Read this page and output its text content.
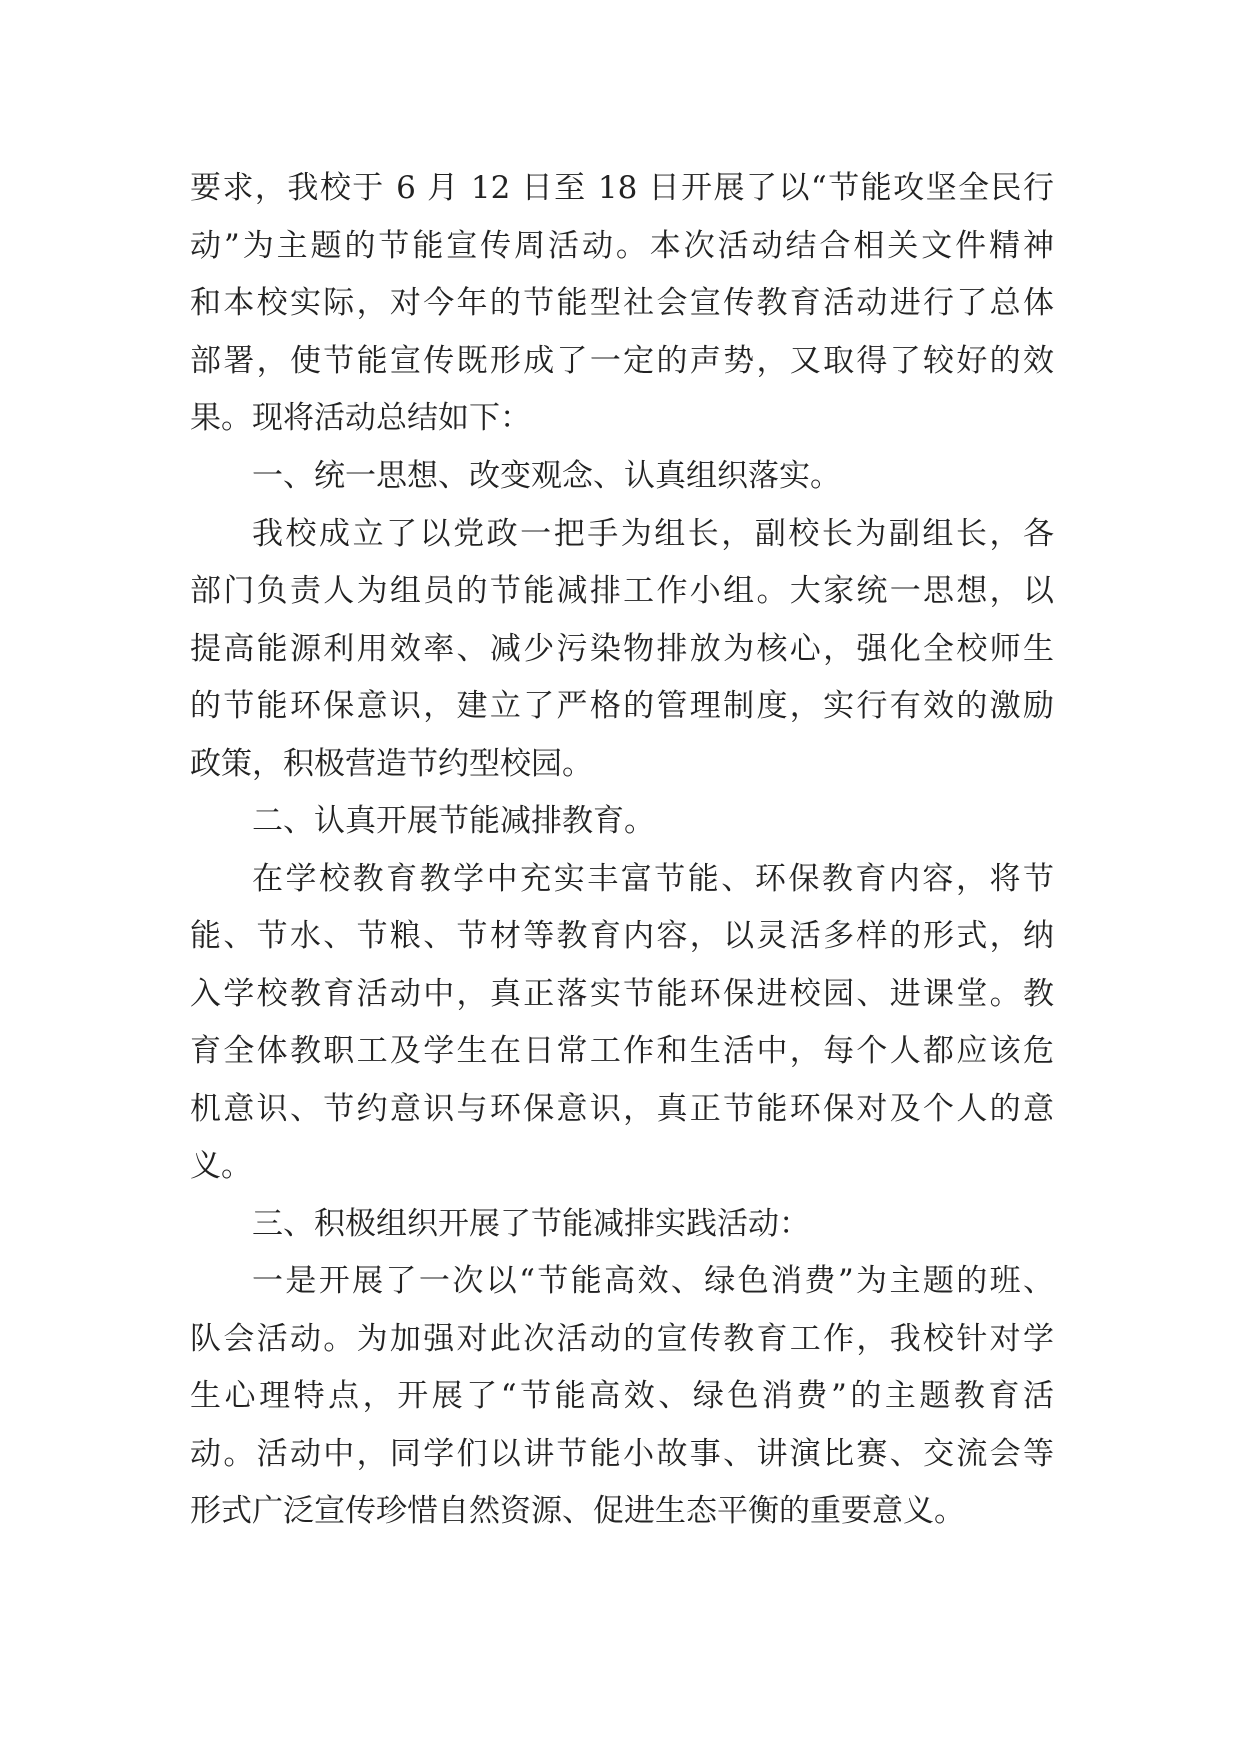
要求，我校于 6 月 12 日至 18 日开展了以“节能攻坚全民行
动”为主题的节能宣传周活动。本次活动结合相关文件精神
和本校实际，对今年的节能型社会宣传教育活动进行了总体
部署，使节能宣传既形成了一定的声势，又取得了较好的效
果。现将活动总结如下：
一、统一思想、改变观念、认真组织落实。
我校成立了以党政一把手为组长，副校长为副组长，各
部门负责人为组员的节能减排工作小组。大家统一思想，以
提高能源利用效率、减少污染物排放为核心，强化全校师生
的节能环保意识，建立了严格的管理制度，实行有效的激励
政策，积极营造节约型校园。
二、认真开展节能减排教育。
在学校教育教学中充实丰富节能、环保教育内容，将节
能、节水、节粮、节材等教育内容，以灵活多样的形式，纳
入学校教育活动中，真正落实节能环保进校园、进课堂。教
育全体教职工及学生在日常工作和生活中，每个人都应该危
机意识、节约意识与环保意识，真正节能环保对及个人的意
义。
三、积极组织开展了节能减排实践活动：
一是开展了一次以“节能高效、绿色消费”为主题的班、
队会活动。为加强对此次活动的宣传教育工作，我校针对学
生心理特点，开展了“节能高效、绿色消费”的主题教育活
动。活动中，同学们以讲节能小故事、讲演比赛、交流会等
形式广泛宣传珍惜自然资源、促进生态平衡的重要意义。
